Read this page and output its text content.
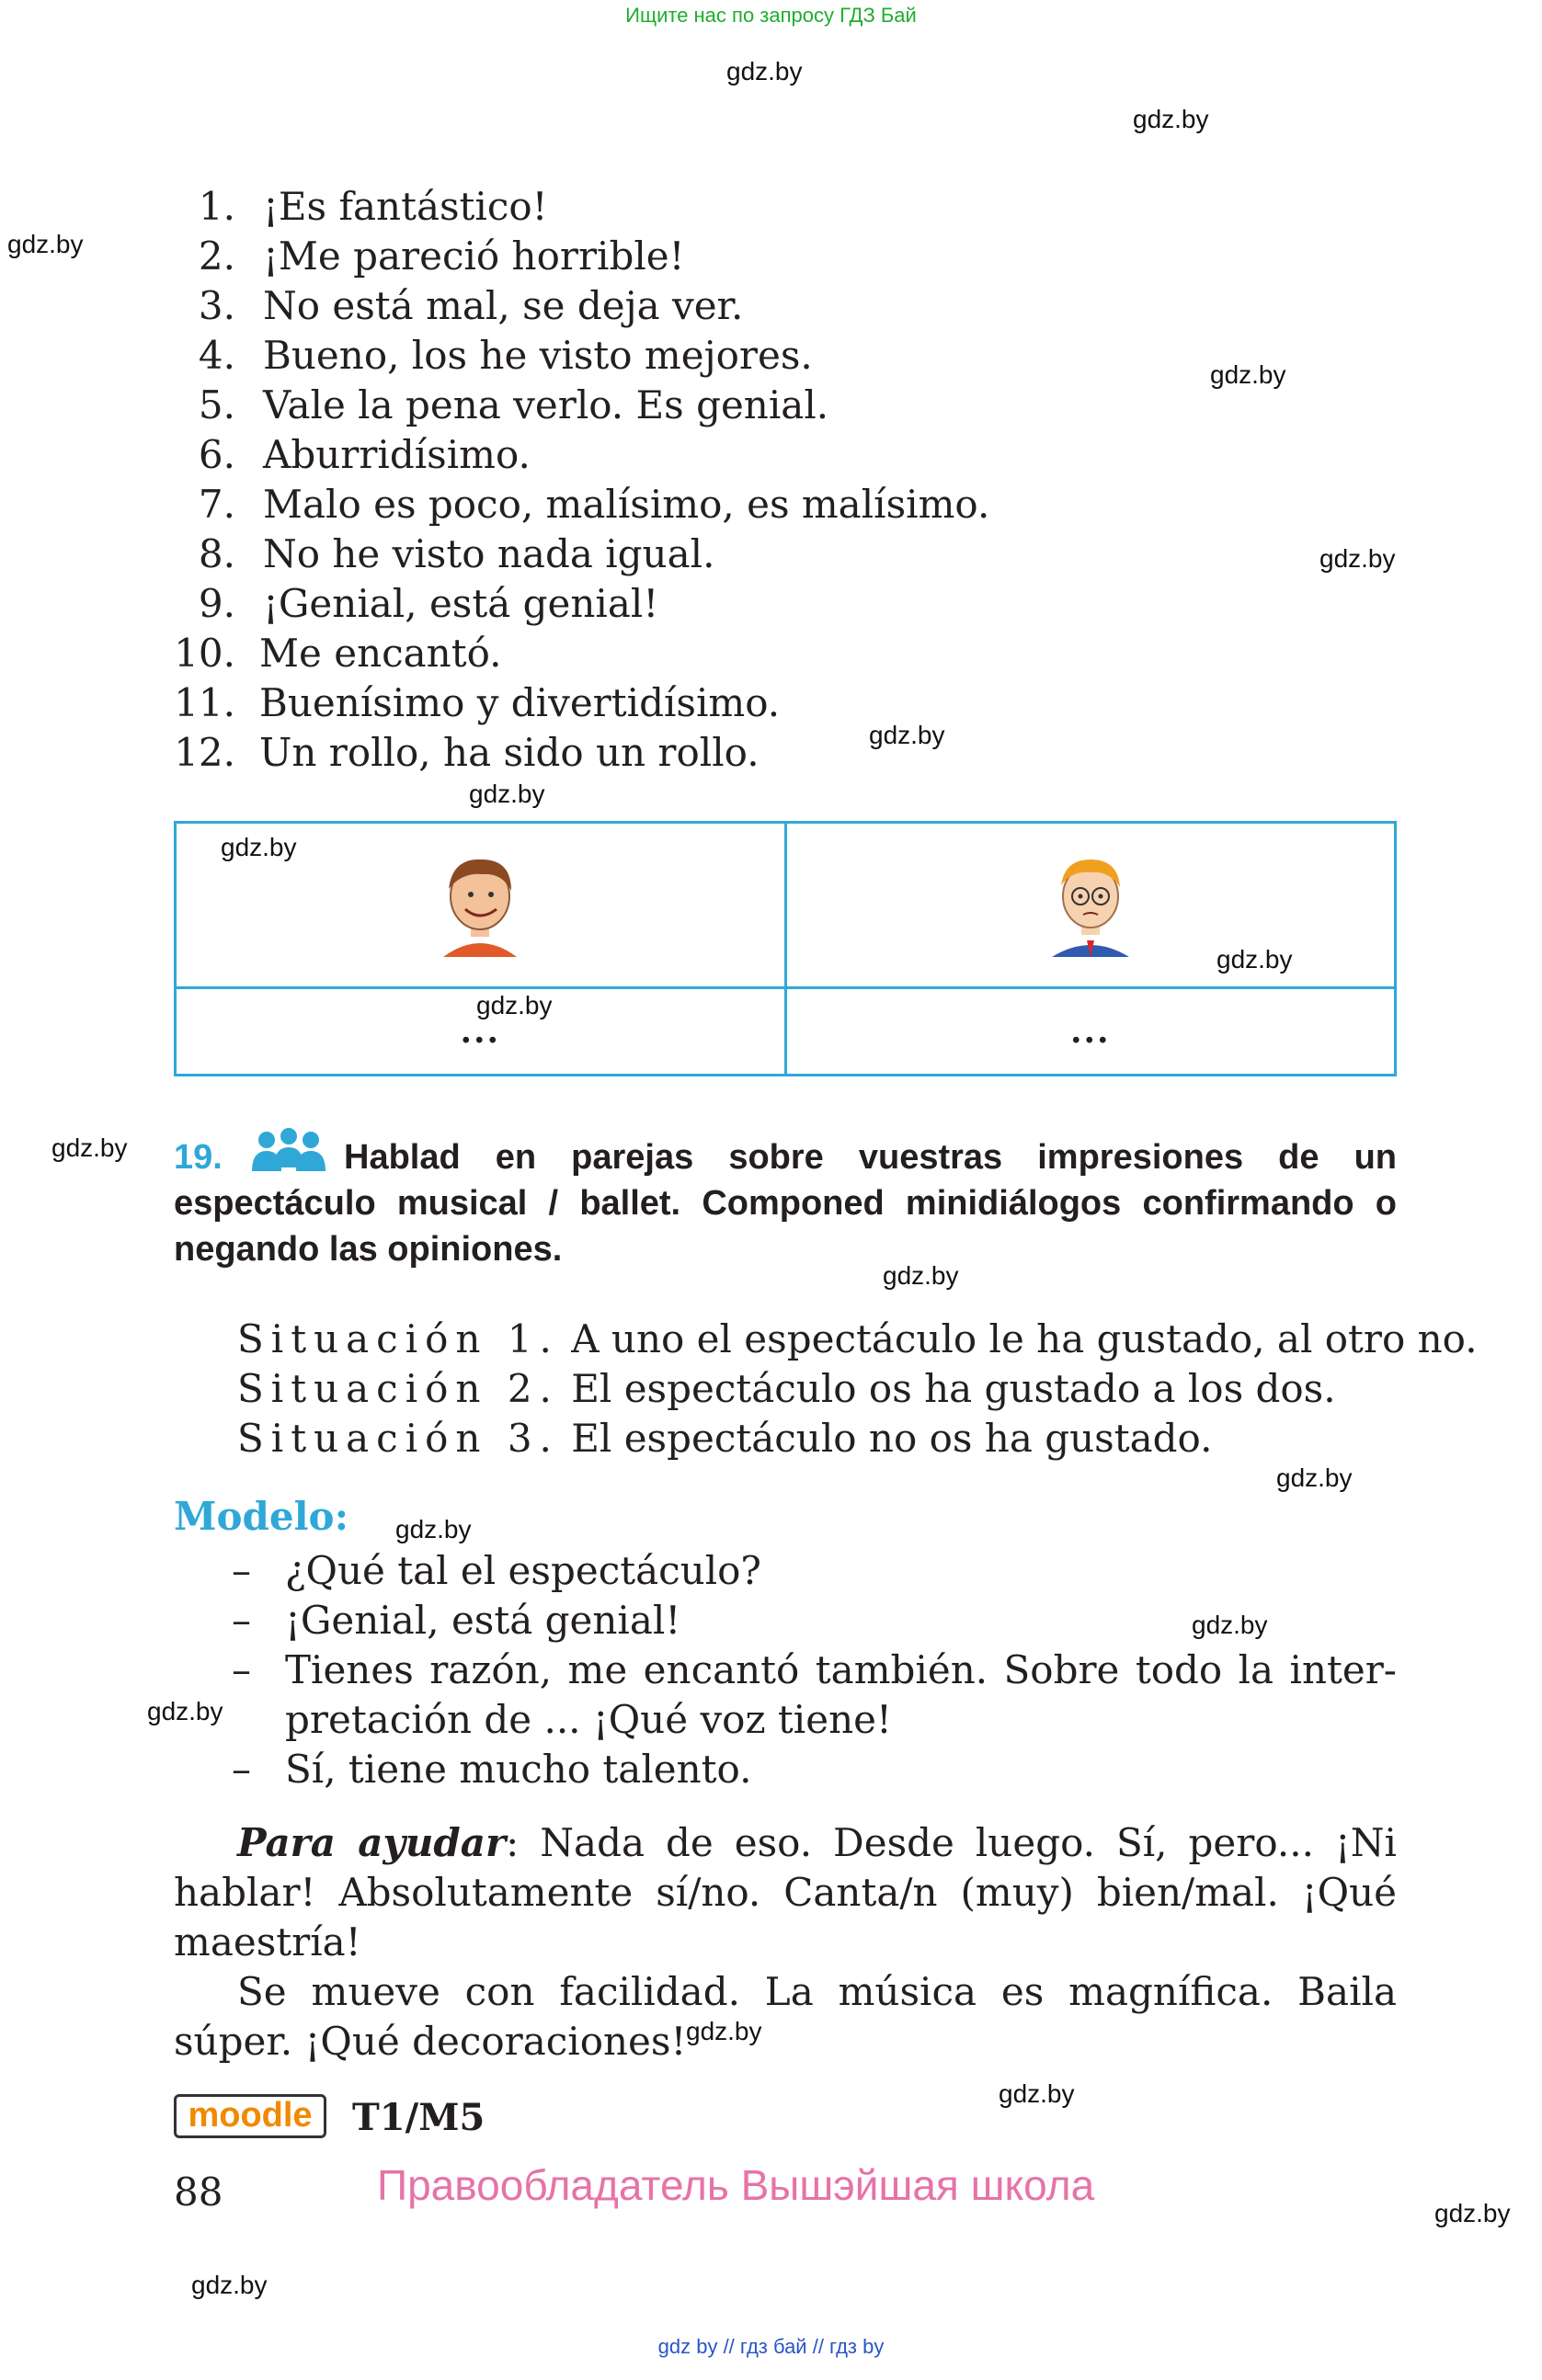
Ищите нас по запросу ГДЗ Бай
gdz.by
gdz.by
gdz.by
gdz.by
gdz.by
gdz.by
gdz.by
gdz.by
gdz.by
gdz.by
gdz.by
gdz.by
gdz.by
gdz.by
gdz.by
gdz.by
gdz.by
gdz.by
gdz.by
gdz.by
1. ¡Es fantástico!
2. ¡Me pareció horrible!
3. No está mal, se deja ver.
4. Bueno, los he visto mejores.
5. Vale la pena verlo. Es genial.
6. Aburridísimo.
7. Malo es poco, malísimo, es malísimo.
8. No he visto nada igual.
9. ¡Genial, está genial!
10. Me encantó.
11. Buenísimo y divertidísimo.
12. Un rollo, ha sido un rollo.

...	...
19.	Hablad en parejas sobre vuestras impresiones de un espectáculo musical / ballet. Componed minidiálogos confirmando o negando las opiniones.
Situación 1. A uno el espectáculo le ha gustado, al otro no.
Situación 2. El espectáculo os ha gustado a los dos.
Situación 3. El espectáculo no os ha gustado.
Modelo:
– ¿Qué tal el espectáculo?
– ¡Genial, está genial!
– Tienes razón, me encantó también. Sobre todo la inter-
pretación de ... ¡Qué voz tiene!
– Sí, tiene mucho talento.
Para ayudar: Nada de eso. Desde luego. Sí, pero... ¡Ni hablar! Absolutamente sí/no. Canta/n (muy) bien/mal. ¡Qué maestría!
Se mueve con facilidad. La música es magnífica. Baila súper. ¡Qué decoraciones!
moodle	T1/M5
88	Правообладатель Вышэйшая школа
gdz by // гдз бай // гдз by
